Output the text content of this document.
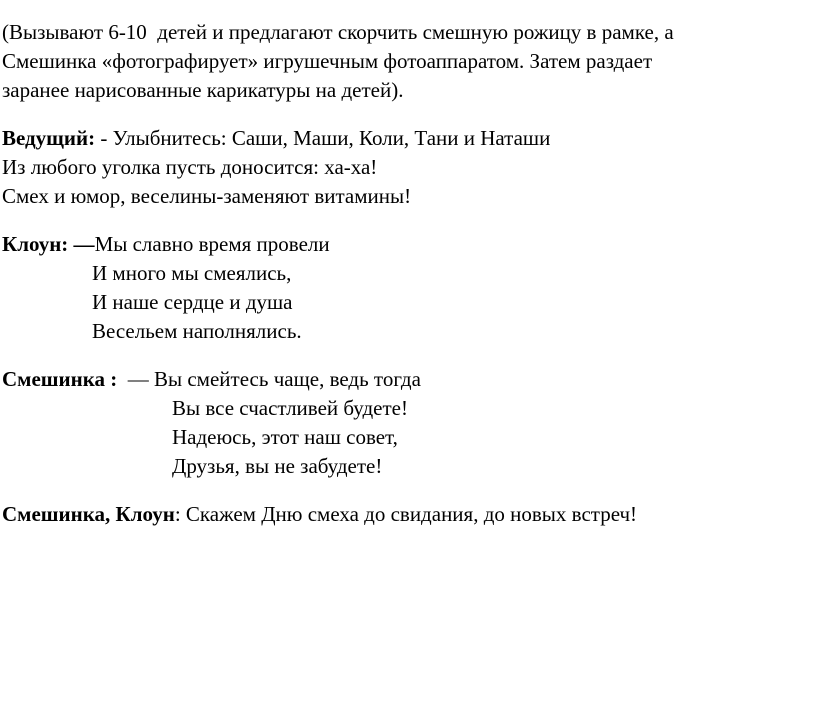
(Вызывают 6-10  детей и предлагают скорчить смешную рожицу в рамке, а
Смешинка «фотографирует» игрушечным фотоаппаратом. Затем раздает
заранее нарисованные карикатуры на детей).
Ведущий: - Улыбнитесь: Саши, Маши, Коли, Тани и Наташи
Из любого уголка пусть доносится: ха-ха!
Смех и юмор, веселины-заменяют витамины!
Клоун: —Мы славно время провели
И много мы смеялись,
И наше сердце и душа
Весельем наполнялись.
Смешинка :  — Вы смейтесь чаще, ведь тогда
Вы все счастливей будете!
Надеюсь, этот наш совет,
Друзья, вы не забудете!
Смешинка, Клоун: Скажем Дню смеха до свидания, до новых встреч!
